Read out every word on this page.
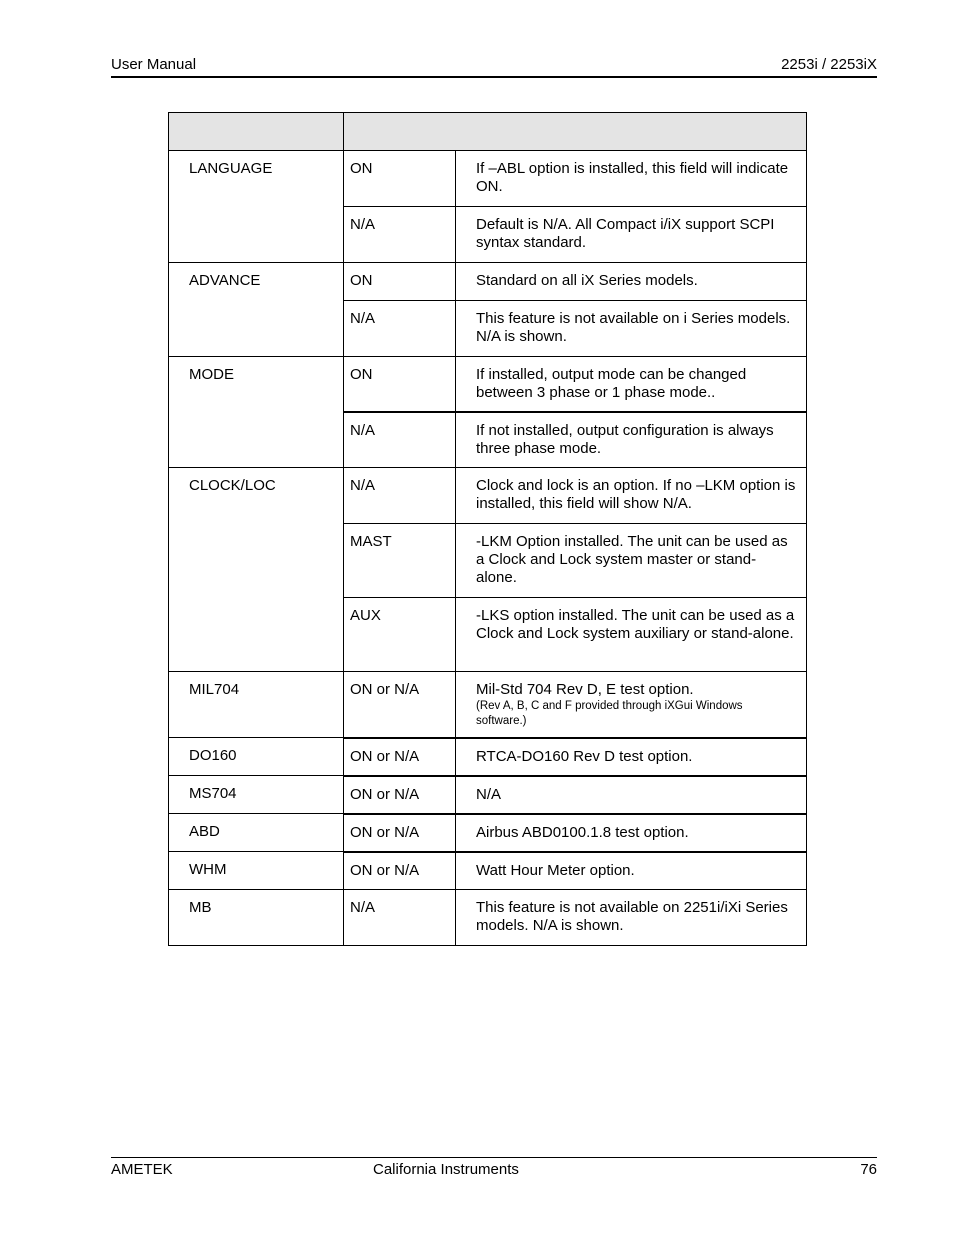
User Manual	2253i / 2253iX

LANGUAGE	ON	If –ABL option is installed, this field will indicate ON.
	N/A	Default is N/A. All Compact i/iX support SCPI syntax standard.
ADVANCE	ON	Standard on all iX Series models.
	N/A	This feature is not available on i Series models. N/A is shown.
MODE	ON	If installed, output mode can be changed between 3 phase or 1 phase mode..
	N/A	If not installed, output configuration is always three phase mode.
CLOCK/LOC	N/A	Clock and lock is an option. If no –LKM option is installed, this field will show N/A.
	MAST	-LKM Option installed. The unit can be used as a Clock and Lock system master or stand-alone.
	AUX	-LKS option installed. The unit can be used as a Clock and Lock system auxiliary or stand-alone.
MIL704	ON or N/A	Mil-Std 704 Rev D, E test option.
(Rev A, B, C and F provided through iXGui Windows software.)

DO160	ON or N/A	RTCA-DO160 Rev D test option.
MS704	ON or N/A	N/A
ABD	ON or N/A	Airbus ABD0100.1.8 test option.
WHM	ON or N/A	Watt Hour Meter option.
MB	N/A	This feature is not available on 2251i/iXi Series models. N/A is shown.
AMETEK	California Instruments	76
